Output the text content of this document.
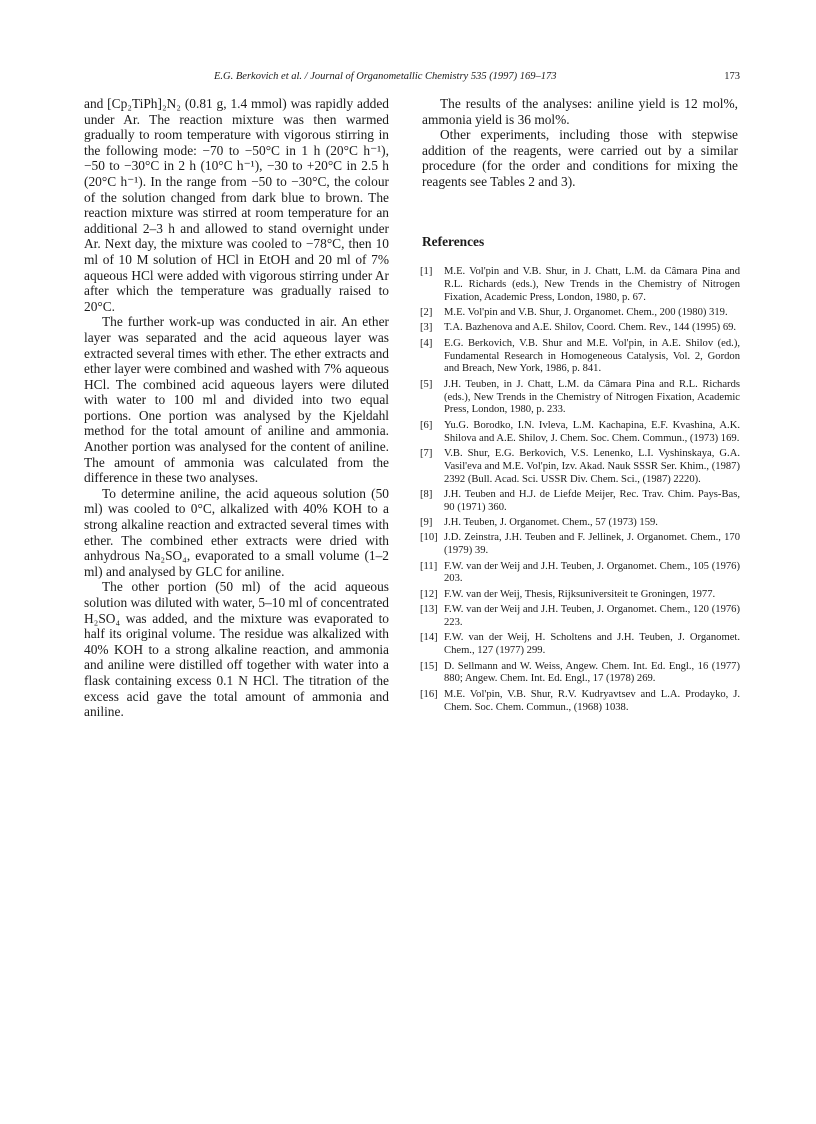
E.G. Berkovich et al. / Journal of Organometallic Chemistry 535 (1997) 169–173	173

and [Cp₂TiPh]₂N₂ (0.81 g, 1.4 mmol) was rapidly added under Ar. The reaction mixture was then warmed gradually to room temperature with vigorous stirring in the following mode: −70 to −50°C in 1 h (20°C h⁻¹), −50 to −30°C in 2 h (10°C h⁻¹), −30 to +20°C in 2.5 h (20°C h⁻¹). In the range from −50 to −30°C, the colour of the solution changed from dark blue to brown. The reaction mixture was stirred at room temperature for an additional 2–3 h and allowed to stand overnight under Ar. Next day, the mixture was cooled to −78°C, then 10 ml of 10 M solution of HCl in EtOH and 20 ml of 7% aqueous HCl were added with vigorous stirring under Ar after which the temperature was gradually raised to 20°C.

The further work-up was conducted in air. An ether layer was separated and the acid aqueous layer was extracted several times with ether. The ether extracts and ether layer were combined and washed with 7% aqueous HCl. The combined acid aqueous layers were diluted with water to 100 ml and divided into two equal portions. One portion was analysed by the Kjeldahl method for the total amount of aniline and ammonia. Another portion was analysed for the content of aniline. The amount of ammonia was calculated from the difference in these two analyses.

To determine aniline, the acid aqueous solution (50 ml) was cooled to 0°C, alkalized with 40% KOH to a strong alkaline reaction and extracted several times with ether. The combined ether extracts were dried with anhydrous Na₂SO₄, evaporated to a small volume (1–2 ml) and analysed by GLC for aniline.

The other portion (50 ml) of the acid aqueous solution was diluted with water, 5–10 ml of concentrated H₂SO₄ was added, and the mixture was evaporated to half its original volume. The residue was alkalized with 40% KOH to a strong alkaline reaction, and ammonia and aniline were distilled off together with water into a flask containing excess 0.1 N HCl. The titration of the excess acid gave the total amount of ammonia and aniline.

The results of the analyses: aniline yield is 12 mol%, ammonia yield is 36 mol%.

Other experiments, including those with stepwise addition of the reagents, were carried out by a similar procedure (for the order and conditions for mixing the reagents see Tables 2 and 3).

References
[1]	M.E. Vol'pin and V.B. Shur, in J. Chatt, L.M. da Câmara Pina and R.L. Richards (eds.), New Trends in the Chemistry of Nitrogen Fixation, Academic Press, London, 1980, p. 67.
[2]	M.E. Vol'pin and V.B. Shur, J. Organomet. Chem., 200 (1980) 319.
[3]	T.A. Bazhenova and A.E. Shilov, Coord. Chem. Rev., 144 (1995) 69.
[4]	E.G. Berkovich, V.B. Shur and M.E. Vol'pin, in A.E. Shilov (ed.), Fundamental Research in Homogeneous Catalysis, Vol. 2, Gordon and Breach, New York, 1986, p. 841.
[5]	J.H. Teuben, in J. Chatt, L.M. da Câmara Pina and R.L. Richards (eds.), New Trends in the Chemistry of Nitrogen Fixation, Academic Press, London, 1980, p. 233.
[6]	Yu.G. Borodko, I.N. Ivleva, L.M. Kachapina, E.F. Kvashina, A.K. Shilova and A.E. Shilov, J. Chem. Soc. Chem. Commun., (1973) 169.
[7]	V.B. Shur, E.G. Berkovich, V.S. Lenenko, L.I. Vyshinskaya, G.A. Vasil'eva and M.E. Vol'pin, Izv. Akad. Nauk SSSR Ser. Khim., (1987) 2392 (Bull. Acad. Sci. USSR Div. Chem. Sci., (1987) 2220).
[8]	J.H. Teuben and H.J. de Liefde Meijer, Rec. Trav. Chim. Pays-Bas, 90 (1971) 360.
[9]	J.H. Teuben, J. Organomet. Chem., 57 (1973) 159.
[10] J.D. Zeinstra, J.H. Teuben and F. Jellinek, J. Organomet. Chem., 170 (1979) 39.
[11] F.W. van der Weij and J.H. Teuben, J. Organomet. Chem., 105 (1976) 203.
[12] F.W. van der Weij, Thesis, Rijksuniversiteit te Groningen, 1977.
[13] F.W. van der Weij and J.H. Teuben, J. Organomet. Chem., 120 (1976) 223.
[14] F.W. van der Weij, H. Scholtens and J.H. Teuben, J. Organomet. Chem., 127 (1977) 299.
[15] D. Sellmann and W. Weiss, Angew. Chem. Int. Ed. Engl., 16 (1977) 880; Angew. Chem. Int. Ed. Engl., 17 (1978) 269.
[16] M.E. Vol'pin, V.B. Shur, R.V. Kudryavtsev and L.A. Prodayko, J. Chem. Soc. Chem. Commun., (1968) 1038.
